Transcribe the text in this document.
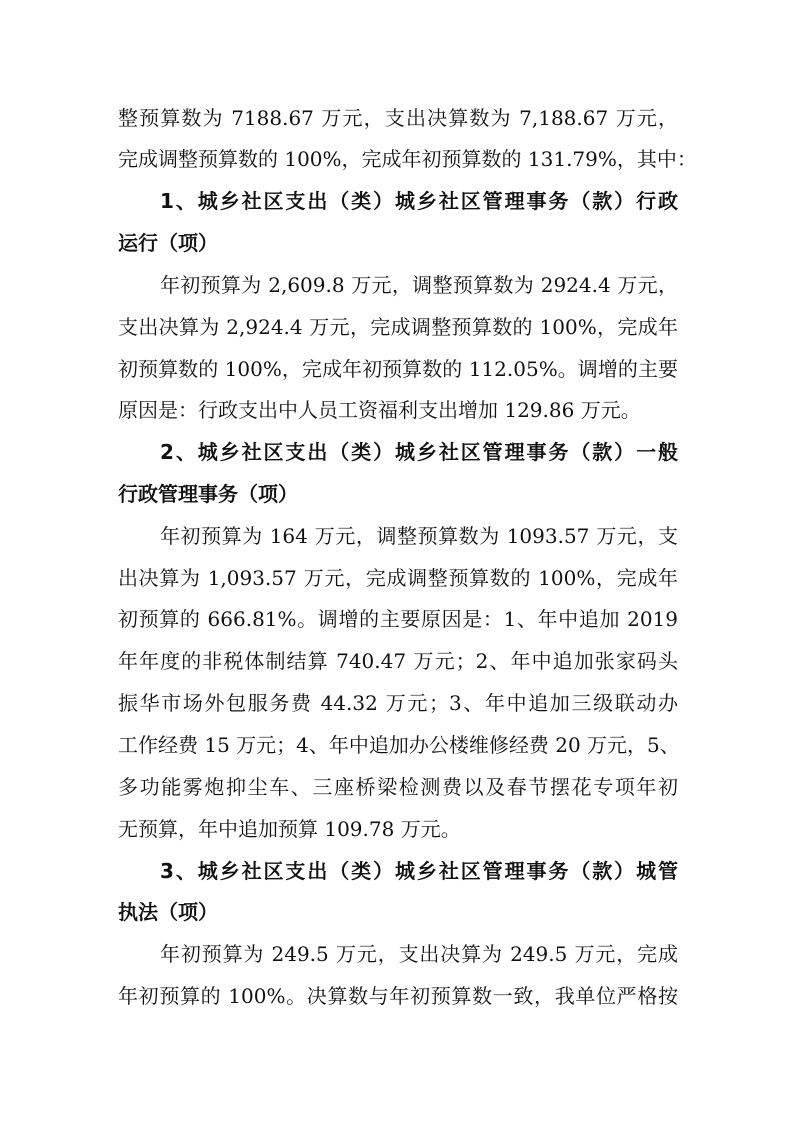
整预算数为 7188.67 万元，支出决算数为 7,188.67 万元，
完成调整预算数的 100%，完成年初预算数的 131.79%，其中：
1、城乡社区支出（类）城乡社区管理事务（款）行政
运行（项）
年初预算为 2,609.8 万元，调整预算数为 2924.4 万元，
支出决算为 2,924.4 万元，完成调整预算数的 100%，完成年
初预算数的 100%，完成年初预算数的 112.05%。调增的主要
原因是：行政支出中人员工资福利支出增加 129.86 万元。
2、城乡社区支出（类）城乡社区管理事务（款）一般
行政管理事务（项）
年初预算为 164 万元，调整预算数为 1093.57 万元，支
出决算为 1,093.57 万元，完成调整预算数的 100%，完成年
初预算的 666.81%。调增的主要原因是：1、年中追加 2019
年年度的非税体制结算 740.47 万元；2、年中追加张家码头
振华市场外包服务费 44.32 万元；3、年中追加三级联动办
工作经费 15 万元；4、年中追加办公楼维修经费 20 万元，5、
多功能雾炮抑尘车、三座桥梁检测费以及春节摆花专项年初
无预算，年中追加预算 109.78 万元。
3、城乡社区支出（类）城乡社区管理事务（款）城管
执法（项）
年初预算为 249.5 万元，支出决算为 249.5 万元，完成
年初预算的 100%。决算数与年初预算数一致，我单位严格按
